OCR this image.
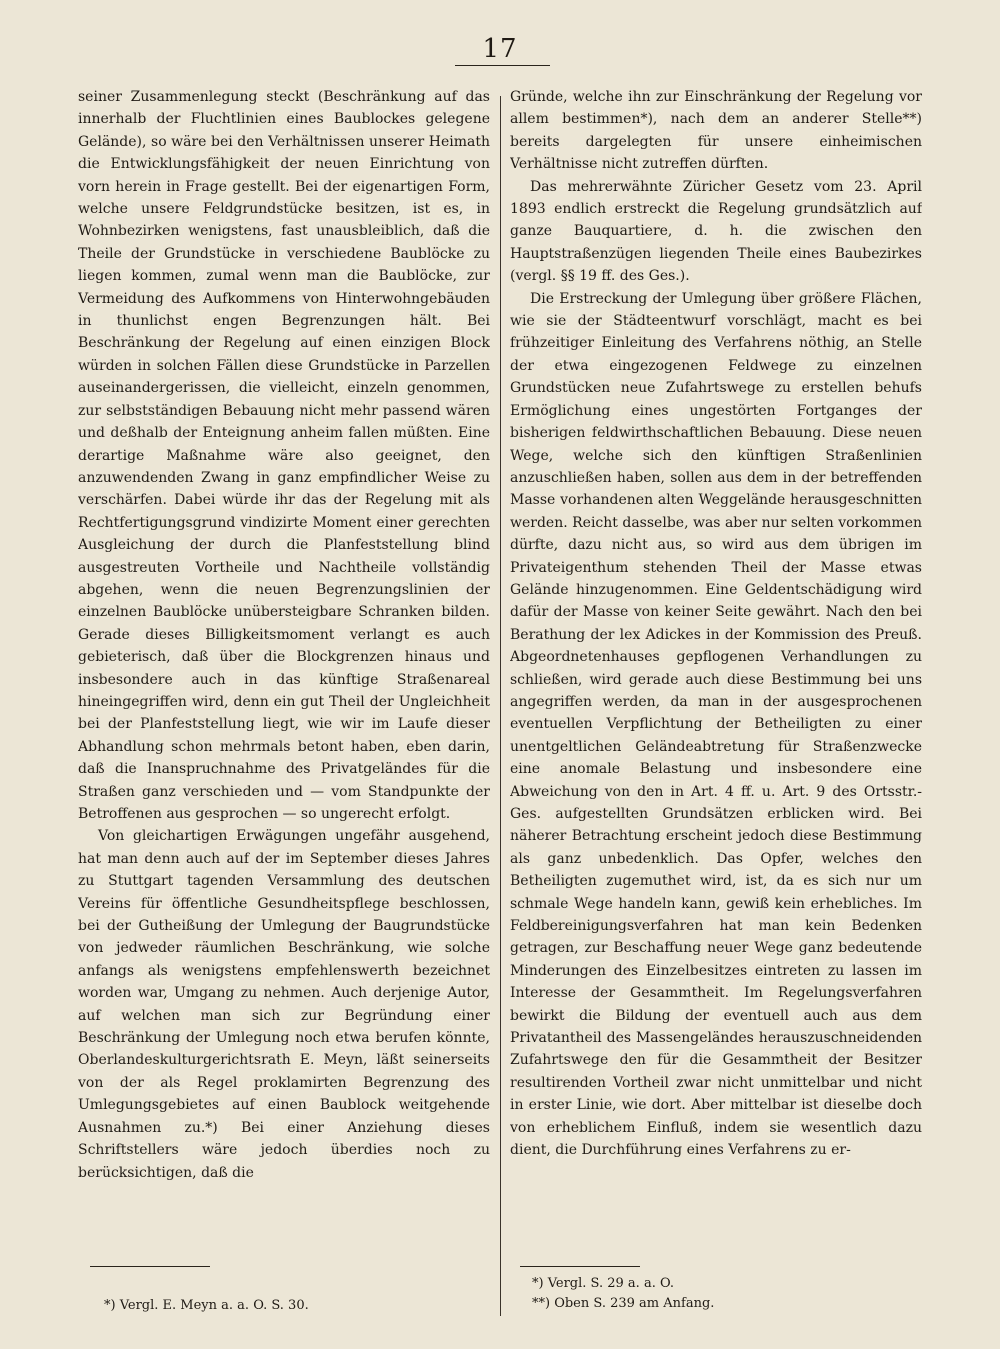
17

seiner Zusammenlegung steckt (Beschränkung auf das innerhalb der Fluchtlinien eines Baublockes gelegene Gelände), so wäre bei den Verhältnissen unserer Heimath die Entwicklungsfähigkeit der neuen Einrichtung von vorn herein in Frage gestellt. Bei der eigenartigen Form, welche unsere Feldgrundstücke besitzen, ist es, in Wohnbezirken wenigstens, fast unausbleiblich, daß die Theile der Grundstücke in verschiedene Baublöcke zu liegen kommen, zumal wenn man die Baublöcke, zur Vermeidung des Aufkommens von Hinterwohngebäuden in thunlichst engen Begrenzungen hält. Bei Beschränkung der Regelung auf einen einzigen Block würden in solchen Fällen diese Grundstücke in Parzellen auseinandergerissen, die vielleicht, einzeln genommen, zur selbstständigen Bebauung nicht mehr passend wären und deßhalb der Enteignung anheim fallen müßten. Eine derartige Maßnahme wäre also geeignet, den anzuwendenden Zwang in ganz empfindlicher Weise zu verschärfen. Dabei würde ihr das der Regelung mit als Rechtfertigungsgrund vindizirte Moment einer gerechten Ausgleichung der durch die Planfeststellung blind ausgestreuten Vortheile und Nachtheile vollständig abgehen, wenn die neuen Begrenzungslinien der einzelnen Baublöcke unübersteigbare Schranken bilden. Gerade dieses Billigkeitsmoment verlangt es auch gebieterisch, daß über die Blockgrenzen hinaus und insbesondere auch in das künftige Straßenareal hineingegriffen wird, denn ein gut Theil der Ungleichheit bei der Planfeststellung liegt, wie wir im Laufe dieser Abhandlung schon mehrmals betont haben, eben darin, daß die Inanspruchnahme des Privatgeländes für die Straßen ganz verschieden und — vom Standpunkte der Betroffenen aus gesprochen — so ungerecht erfolgt.

Von gleichartigen Erwägungen ungefähr ausgehend, hat man denn auch auf der im September dieses Jahres zu Stuttgart tagenden Versammlung des deutschen Vereins für öffentliche Gesundheitspflege beschlossen, bei der Gutheißung der Umlegung der Baugrundstücke von jedweder räumlichen Beschränkung, wie solche anfangs als wenigstens empfehlenswerth bezeichnet worden war, Umgang zu nehmen. Auch derjenige Autor, auf welchen man sich zur Begründung einer Beschränkung der Umlegung noch etwa berufen könnte, Oberlandeskulturgerichtsrath E. Meyn, läßt seinerseits von der als Regel proklamirten Begrenzung des Umlegungsgebietes auf einen Baublock weitgehende Ausnahmen zu.*) Bei einer Anziehung dieses Schriftstellers wäre jedoch überdies noch zu berücksichtigen, daß die

Gründe, welche ihn zur Einschränkung der Regelung vor allem bestimmen*), nach dem an anderer Stelle**) bereits dargelegten für unsere einheimischen Verhältnisse nicht zutreffen dürften.

Das mehrerwähnte Züricher Gesetz vom 23. April 1893 endlich erstreckt die Regelung grundsätzlich auf ganze Bauquartiere, d. h. die zwischen den Hauptstraßenzügen liegenden Theile eines Baubezirkes (vergl. §§ 19 ff. des Ges.).

Die Erstreckung der Umlegung über größere Flächen, wie sie der Städteentwurf vorschlägt, macht es bei frühzeitiger Einleitung des Verfahrens nöthig, an Stelle der etwa eingezogenen Feldwege zu einzelnen Grundstücken neue Zufahrtswege zu erstellen behufs Ermöglichung eines ungestörten Fortganges der bisherigen feldwirthschaftlichen Bebauung. Diese neuen Wege, welche sich den künftigen Straßenlinien anzuschließen haben, sollen aus dem in der betreffenden Masse vorhandenen alten Weggelände herausgeschnitten werden. Reicht dasselbe, was aber nur selten vorkommen dürfte, dazu nicht aus, so wird aus dem übrigen im Privateigenthum stehenden Theil der Masse etwas Gelände hinzugenommen. Eine Geldentschädigung wird dafür der Masse von keiner Seite gewährt. Nach den bei Berathung der lex Adickes in der Kommission des Preuß. Abgeordnetenhauses gepflogenen Verhandlungen zu schließen, wird gerade auch diese Bestimmung bei uns angegriffen werden, da man in der ausgesprochenen eventuellen Verpflichtung der Betheiligten zu einer unentgeltlichen Geländeabtretung für Straßenzwecke eine anomale Belastung und insbesondere eine Abweichung von den in Art. 4 ff. u. Art. 9 des Ortsstr.-Ges. aufgestellten Grundsätzen erblicken wird. Bei näherer Betrachtung erscheint jedoch diese Bestimmung als ganz unbedenklich. Das Opfer, welches den Betheiligten zugemuthet wird, ist, da es sich nur um schmale Wege handeln kann, gewiß kein erhebliches. Im Feldbereinigungsverfahren hat man kein Bedenken getragen, zur Beschaffung neuer Wege ganz bedeutende Minderungen des Einzelbesitzes eintreten zu lassen im Interesse der Gesammtheit. Im Regelungsverfahren bewirkt die Bildung der eventuell auch aus dem Privatantheil des Massengeländes herauszuschneidenden Zufahrtswege den für die Gesammtheit der Besitzer resultirenden Vortheil zwar nicht unmittelbar und nicht in erster Linie, wie dort. Aber mittelbar ist dieselbe doch von erheblichem Einfluß, indem sie wesentlich dazu dient, die Durchführung eines Verfahrens zu er-

*) Vergl. E. Meyn a. a. O. S. 30.
*) Vergl. S. 29 a. a. O.
**) Oben S. 239 am Anfang.
